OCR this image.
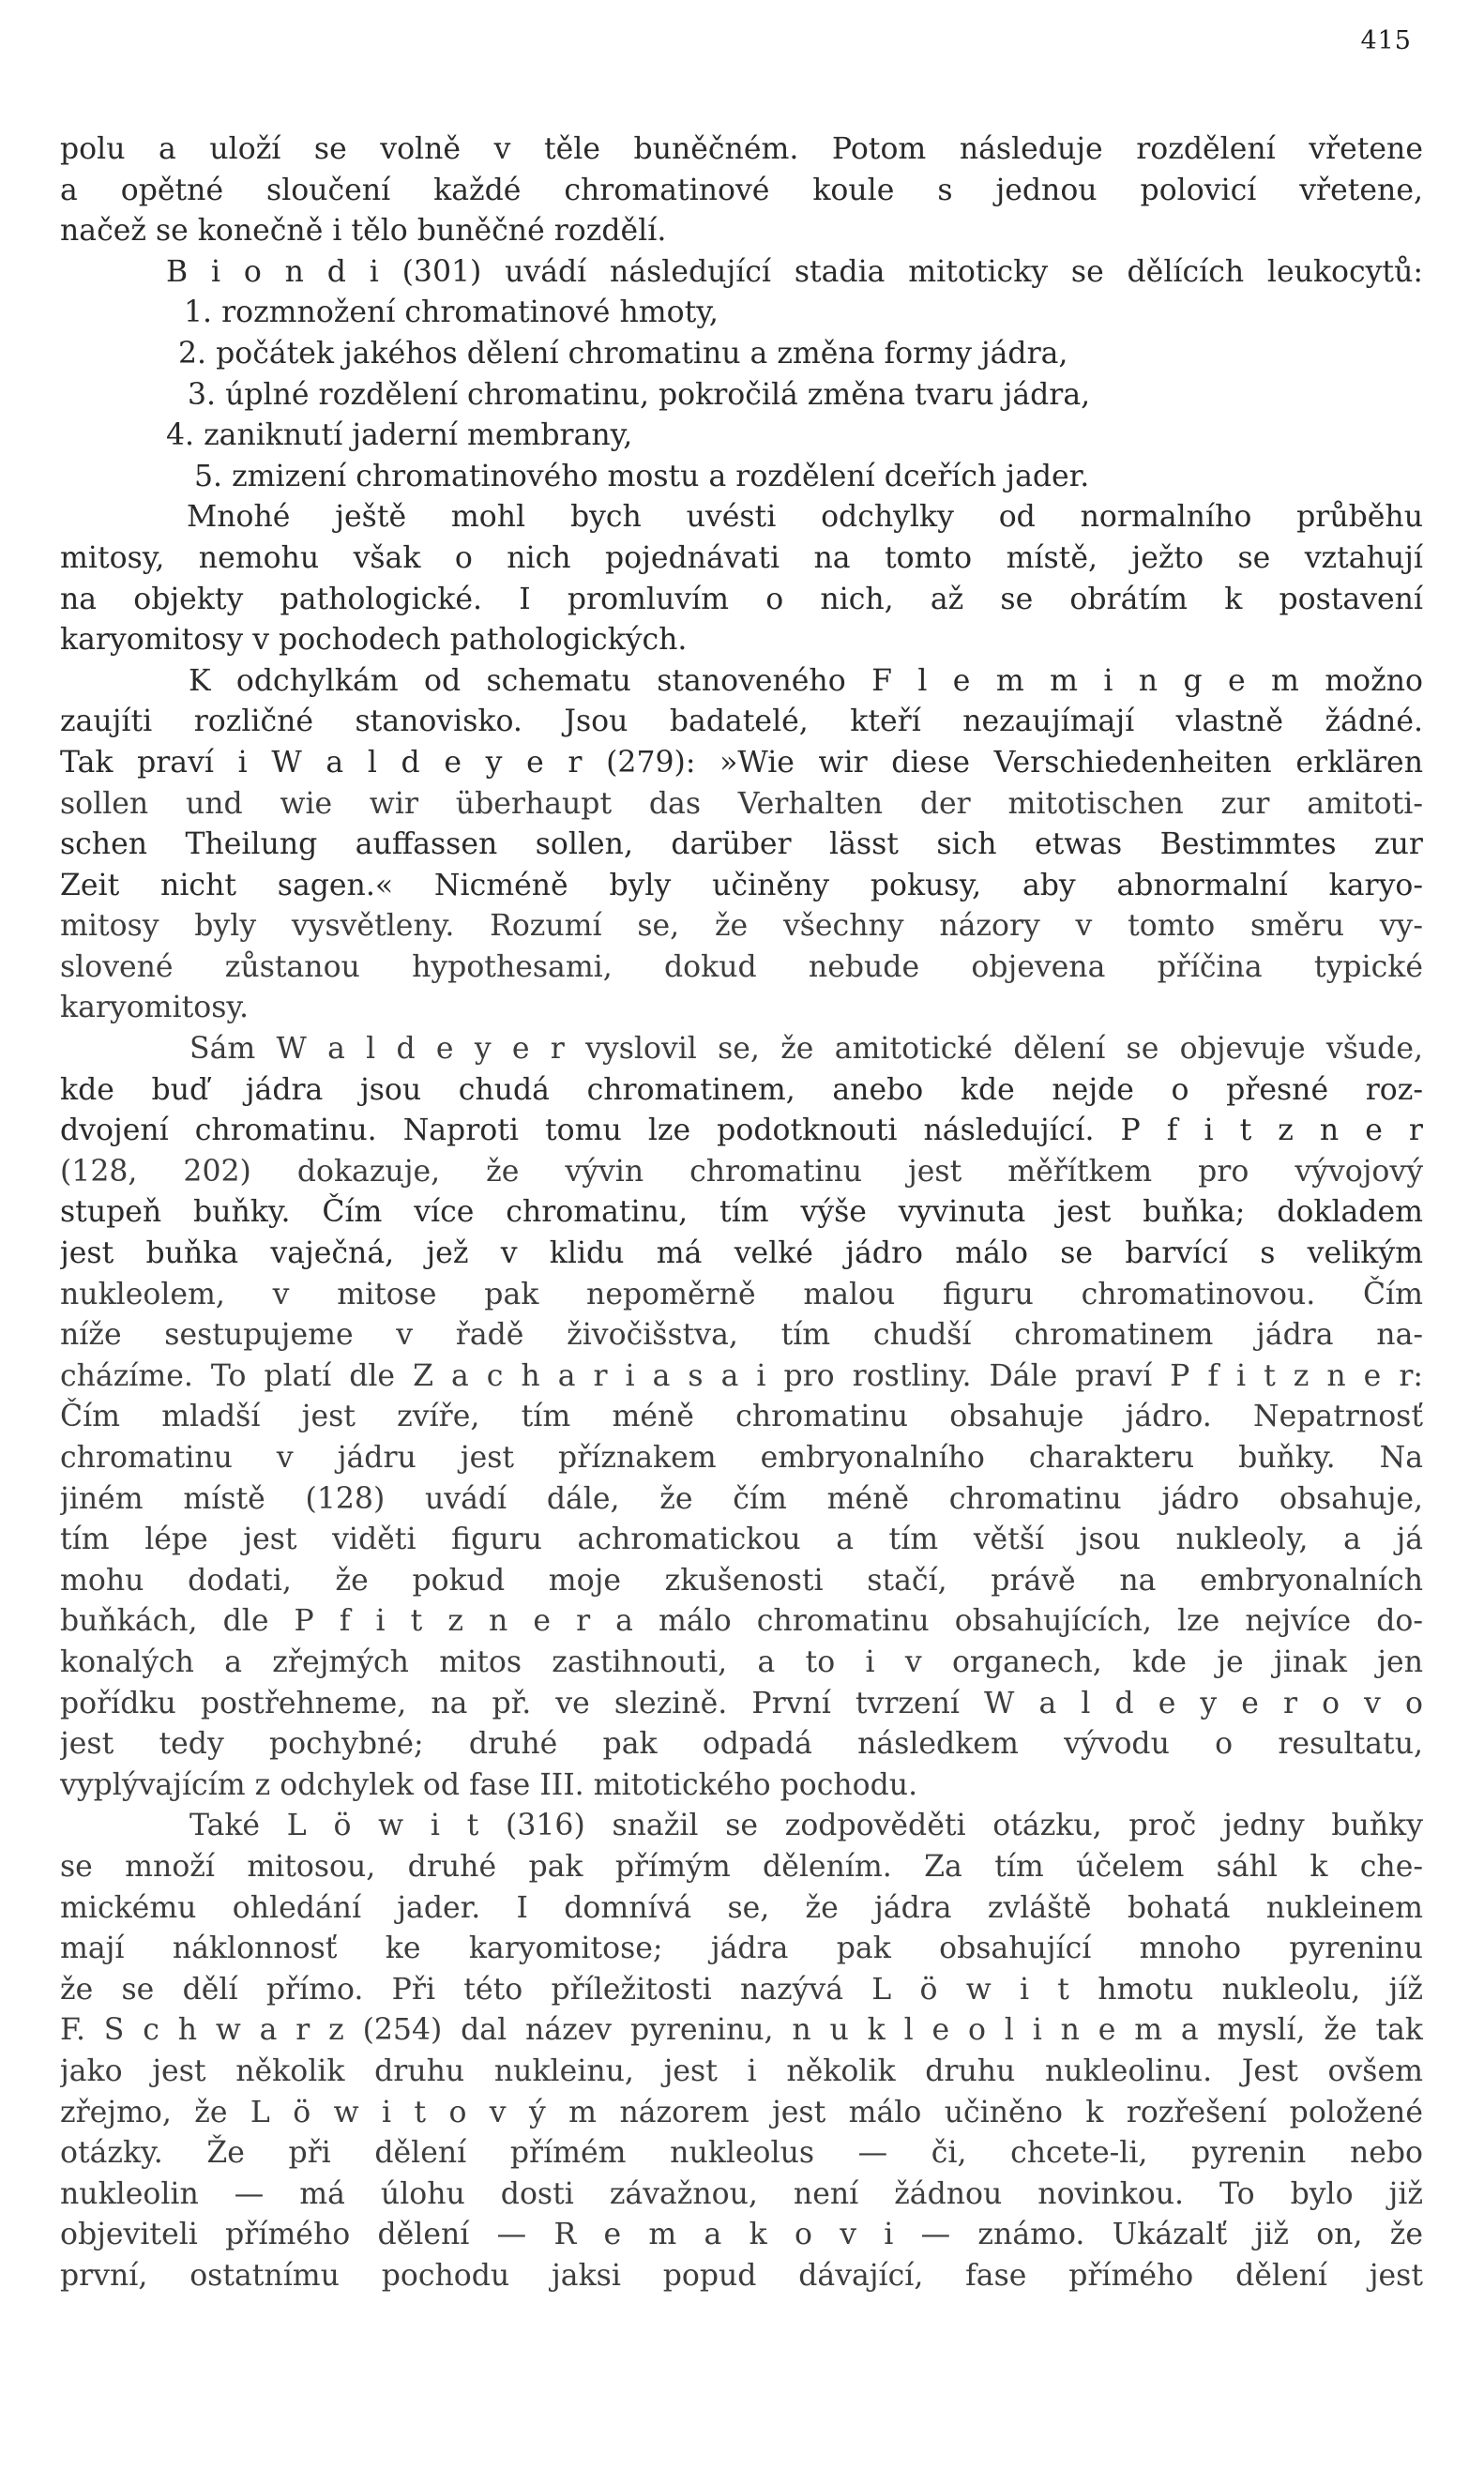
415
polu a uloží se volně v těle buněčném. Potom následuje rozdělení vřetene
a opětné sloučení každé chromatinové koule s jednou polovicí vřetene,
načež se konečně i tělo buněčné rozdělí.
B i o n d i (301) uvádí následující stadia mitoticky se dělících leukocytů:
1. rozmnožení chromatinové hmoty,
2. počátek jakéhos dělení chromatinu a změna formy jádra,
3. úplné rozdělení chromatinu, pokročilá změna tvaru jádra,
4. zaniknutí jaderní membrany,
5. zmizení chromatinového mostu a rozdělení dceřích jader.
Mnohé ještě mohl bych uvésti odchylky od normalního průběhu
mitosy, nemohu však o nich pojednávati na tomto místě, ježto se vztahují
na objekty pathologické. I promluvím o nich, až se obrátím k postavení
karyomitosy v pochodech pathologických.
K odchylkám od schematu stanoveného F l e m m i n g e m možno
zaujíti rozličné stanovisko. Jsou badatelé, kteří nezaujímají vlastně žádné.
Tak praví i W a l d e y e r (279): »Wie wir diese Verschiedenheiten erklären
sollen und wie wir überhaupt das Verhalten der mitotischen zur amitoti-
schen Theilung auffassen sollen, darüber lässt sich etwas Bestimmtes zur
Zeit nicht sagen.« Nicméně byly učiněny pokusy, aby abnormalní karyo-
mitosy byly vysvětleny. Rozumí se, že všechny názory v tomto směru vy-
slovené zůstanou hypothesami, dokud nebude objevena příčina typické
karyomitosy.
Sám W a l d e y e r vyslovil se, že amitotické dělení se objevuje všude,
kde buď jádra jsou chudá chromatinem, anebo kde nejde o přesné roz-
dvojení chromatinu. Naproti tomu lze podotknouti následující. P f i t z n e r
(128, 202) dokazuje, že vývin chromatinu jest měřítkem pro vývojový
stupeň buňky. Čím více chromatinu, tím výše vyvinuta jest buňka; dokladem
jest buňka vaječná, jež v klidu má velké jádro málo se barvící s velikým
nukleolem, v mitose pak nepoměrně malou figuru chromatinovou. Čím
níže sestupujeme v řadě živočišstva, tím chudší chromatinem jádra na-
cházíme. To platí dle Z a c h a r i a s a i pro rostliny. Dále praví P f i t z n e r:
Čím mladší jest zvíře, tím méně chromatinu obsahuje jádro. Nepatrnosť
chromatinu v jádru jest příznakem embryonalního charakteru buňky. Na
jiném místě (128) uvádí dále, že čím méně chromatinu jádro obsahuje,
tím lépe jest viděti figuru achromatickou a tím větší jsou nukleoly, a já
mohu dodati, že pokud moje zkušenosti stačí, právě na embryonalních
buňkách, dle P f i t z n e r a málo chromatinu obsahujících, lze nejvíce do-
konalých a zřejmých mitos zastihnouti, a to i v organech, kde je jinak jen
pořídku postřehneme, na př. ve slezině. První tvrzení W a l d e y e r o v o
jest tedy pochybné; druhé pak odpadá následkem vývodu o resultatu,
vyplývajícím z odchylek od fase III. mitotického pochodu.
Také L ö w i t (316) snažil se zodpověděti otázku, proč jedny buňky
se množí mitosou, druhé pak přímým dělením. Za tím účelem sáhl k che-
mickému ohledání jader. I domnívá se, že jádra zvláště bohatá nukleinem
mají náklonnosť ke karyomitose; jádra pak obsahující mnoho pyreninu
že se dělí přímo. Při této příležitosti nazývá L ö w i t hmotu nukleolu, jíž
F. S c h w a r z (254) dal název pyreninu, n u k l e o l i n e m a myslí, že tak
jako jest několik druhu nukleinu, jest i několik druhu nukleolinu. Jest ovšem
zřejmo, že L ö w i t o v ý m názorem jest málo učiněno k rozřešení položené
otázky. Že při dělení přímém nukleolus — či, chcete-li, pyrenin nebo
nukleolin — má úlohu dosti závažnou, není žádnou novinkou. To bylo již
objeviteli přímého dělení — R e m a k o v i — známo. Ukázalť již on, že
první, ostatnímu pochodu jaksi popud dávající, fase přímého dělení jest
